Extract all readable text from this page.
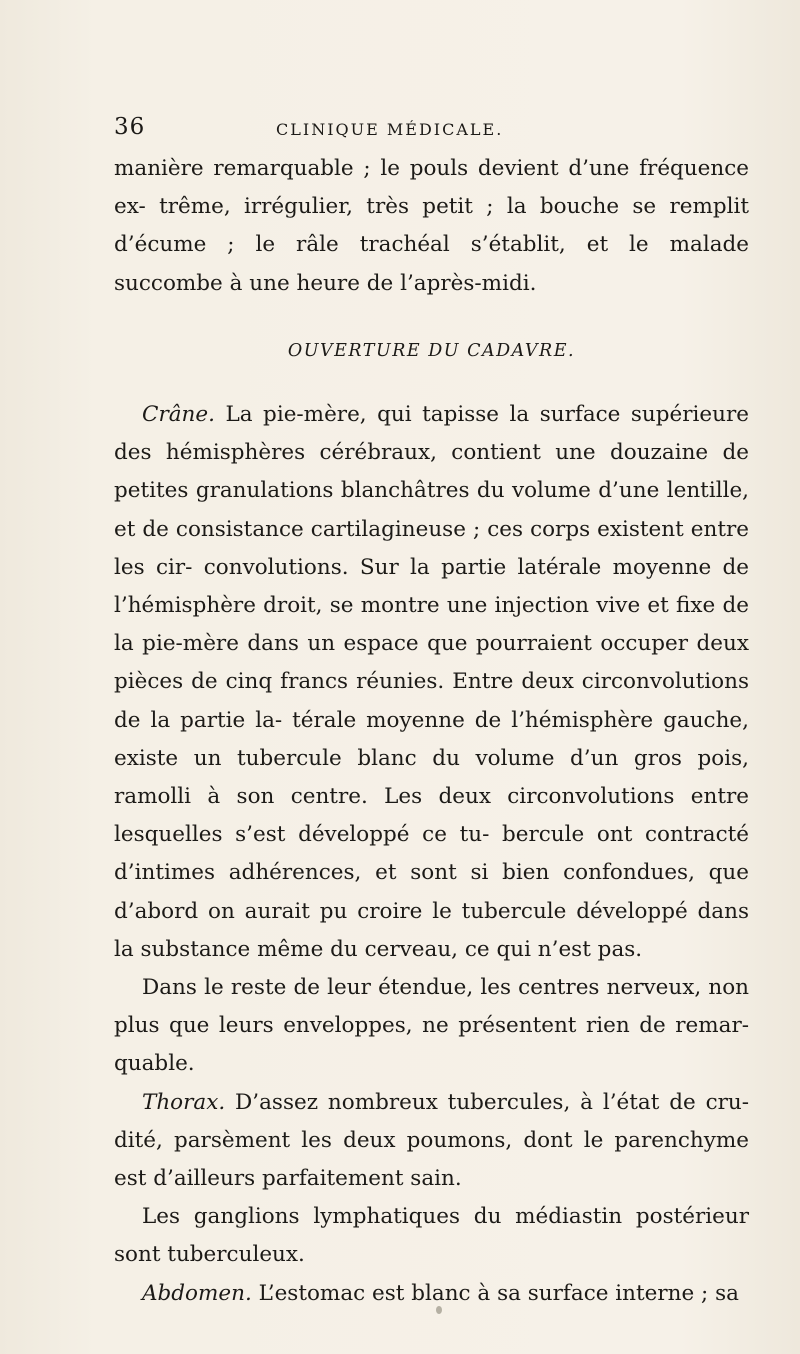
36	CLINIQUE MÉDICALE.

manière remarquable ; le pouls devient d’une fréquence ex- trême, irrégulier, très petit ; la bouche se remplit d’écume ; le râle trachéal s’établit, et le malade succombe à une heure de l’après-midi.

OUVERTURE DU CADAVRE.

Crâne. La pie-mère, qui tapisse la surface supérieure des hémisphères cérébraux, contient une douzaine de petites granulations blanchâtres du volume d’une lentille, et de consistance cartilagineuse ; ces corps existent entre les cir- convolutions. Sur la partie latérale moyenne de l’hémisphère droit, se montre une injection vive et fixe de la pie-mère dans un espace que pourraient occuper deux pièces de cinq francs réunies. Entre deux circonvolutions de la partie la- térale moyenne de l’hémisphère gauche, existe un tubercule blanc du volume d’un gros pois, ramolli à son centre. Les deux circonvolutions entre lesquelles s’est développé ce tu- bercule ont contracté d’intimes adhérences, et sont si bien confondues, que d’abord on aurait pu croire le tubercule développé dans la substance même du cerveau, ce qui n’est pas.

Dans le reste de leur étendue, les centres nerveux, non plus que leurs enveloppes, ne présentent rien de remar- quable.

Thorax. D’assez nombreux tubercules, à l’état de cru- dité, parsèment les deux poumons, dont le parenchyme est d’ailleurs parfaitement sain.

Les ganglions lymphatiques du médiastin postérieur sont tuberculeux.

Abdomen. L’estomac est blanc à sa surface interne ; sa
